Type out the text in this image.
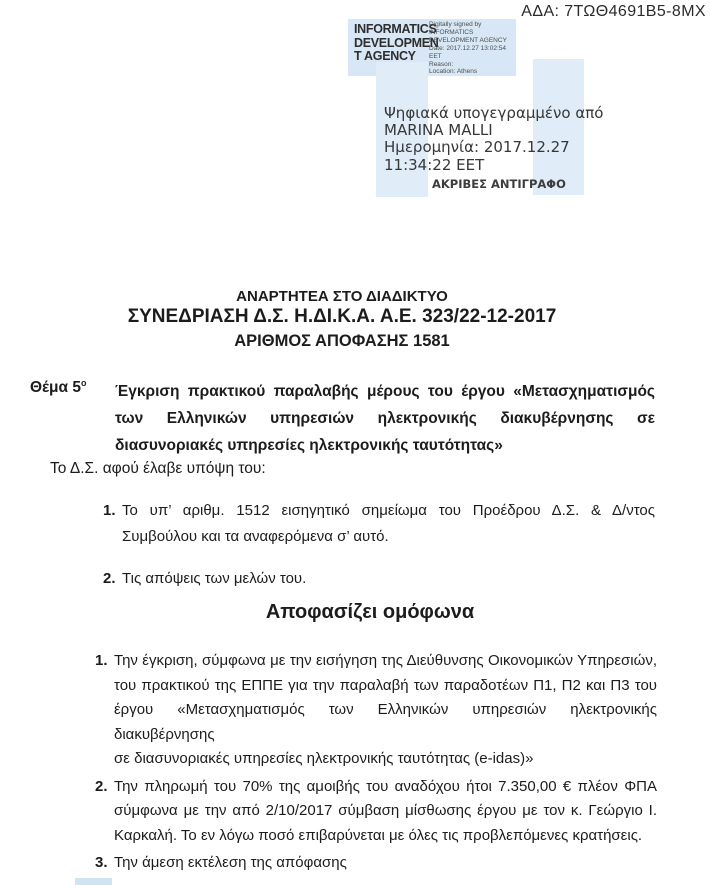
ΑΔΑ: 7ΤΩΘ4691Β5-8ΜΧ
INFORMATICS
DEVELOPMEN
T AGENCY
Digitally signed by
INFORMATICS
DEVELOPMENT AGENCY
Date: 2017.12.27 13:02:54
EET
Reason:
Location: Athens
Ψηφιακά υπογεγραμμένο από
MARINA MALLI
Ημερομηνία: 2017.12.27
11:34:22 EET
ΑΚΡΙΒΕΣ ΑΝΤΙΓΡΑΦΟ
ΑΝΑΡΤΗΤΕΑ ΣΤΟ ΔΙΑΔΙΚΤΥΟ
ΣΥΝΕΔΡΙΑΣΗ Δ.Σ. Η.ΔΙ.Κ.Α. Α.Ε. 323/22-12-2017
ΑΡΙΘΜΟΣ ΑΠΟΦΑΣΗΣ 1581
Θέμα $5^o$ Έγκριση πρακτικού παραλαβής μέρους του έργου «Μετασχηματισμός
των Ελληνικών υπηρεσιών ηλεκτρονικής διακυβέρνησης σε
διασυνοριακές υπηρεσίες ηλεκτρονικής ταυτότητας»
Το Δ.Σ. αφού έλαβε υπόψη του:
1. Το υπ’ αριθμ. 1512 εισηγητικό σημείωμα του Προέδρου Δ.Σ. & Δ/ντος
Συμβούλου και τα αναφερόμενα σ’ αυτό.
2. Τις απόψεις των μελών του.
Αποφασίζει ομόφωνα
1. Την έγκριση, σύμφωνα με την εισήγηση της Διεύθυνσης Οικονομικών Υπηρεσιών,
του πρακτικού της ΕΠΠΕ για την παραλαβή των παραδοτέων Π1, Π2 και Π3 του
έργου «Μετασχηματισμός των Ελληνικών υπηρεσιών ηλεκτρονικής διακυβέρνησης
σε διασυνοριακές υπηρεσίες ηλεκτρονικής ταυτότητας (e-idas)»
2. Την πληρωμή του 70% της αμοιβής του αναδόχου ήτοι 7.350,00 € πλέον ΦΠΑ
σύμφωνα με την από 2/10/2017 σύμβαση μίσθωσης έργου με τον κ. Γεώργιο Ι.
Καρκαλή. Το εν λόγω ποσό επιβαρύνεται με όλες τις προβλεπόμενες κρατήσεις.
3. Την άμεση εκτέλεση της απόφασης
